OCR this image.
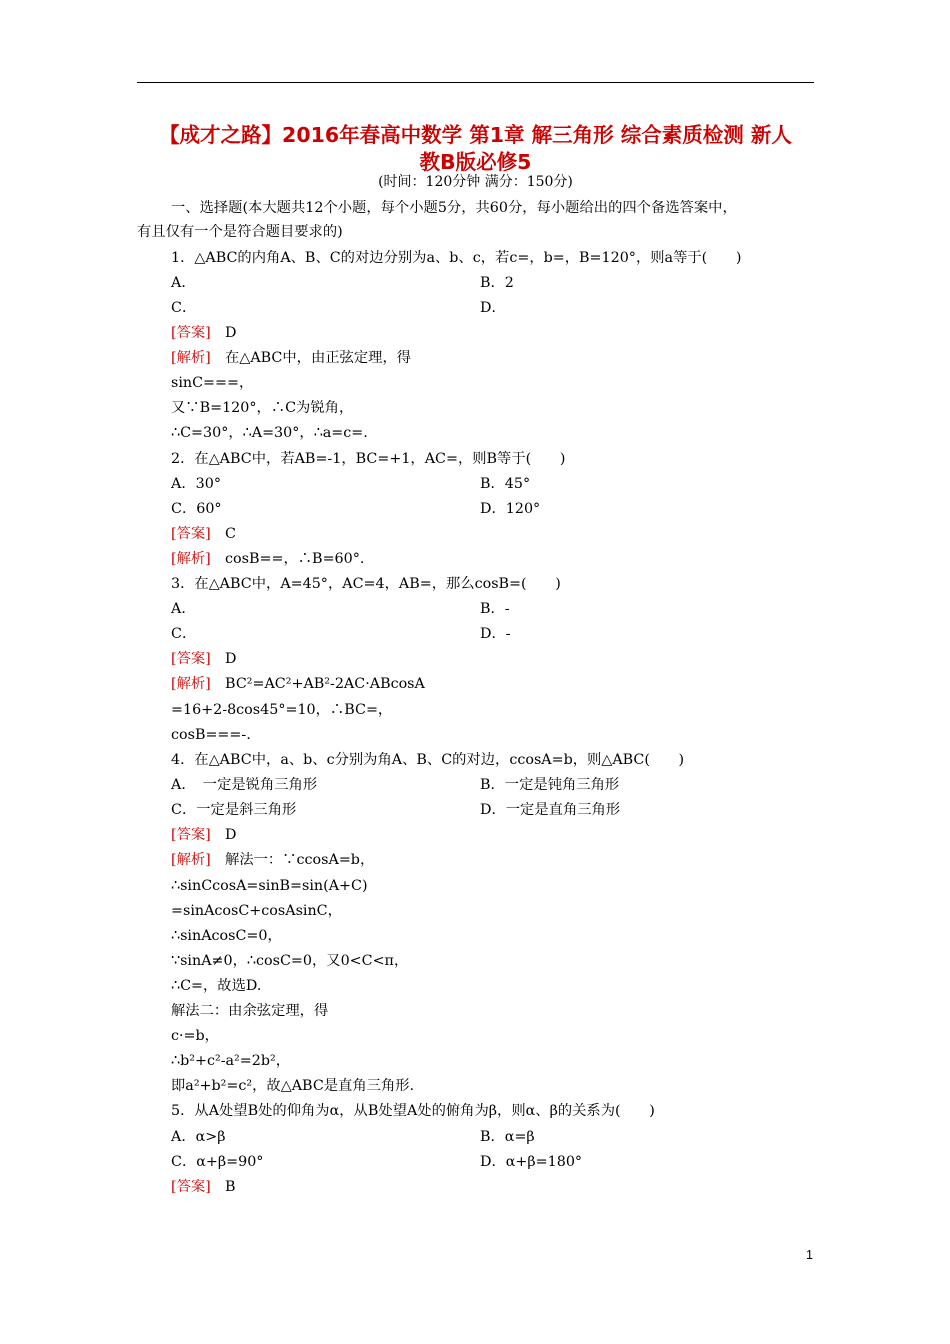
【成才之路】2016年春高中数学 第1章 解三角形 综合素质检测 新人
教B版必修5
(时间：120分钟 满分：150分)
一、选择题(本大题共12个小题，每个小题5分，共60分，每小题给出的四个备选答案中，
有且仅有一个是符合题目要求的)
1．△ABC的内角A、B、C的对边分别为a、b、c，若c=，b=，B=120°，则a等于(　　)
A．	B．2
C．	D．
[答案]　 D
[解析]　 在△ABC中，由正弦定理，得
sinC===，
又∵B=120°，∴C为锐角，
∴C=30°，∴A=30°，∴a=c=.
2．在△ABC中，若AB=-1，BC=+1，AC=，则B等于(　　)
A．30°	B．45°
C．60°	D．120°
[答案]　 C
[解析]　 cosB==，∴B=60°.
3．在△ABC中，A=45°，AC=4，AB=，那么cosB=(　　)
A．	B．-
C．	D．-
[答案]　 D
[解析]　 BC²=AC²+AB²-2AC·ABcosA
=16+2-8cos45°=10，∴BC=，
cosB===-.
4．在△ABC中，a、b、c分别为角A、B、C的对边，ccosA=b，则△ABC(　　)
A．　一定是锐角三角形	B．一定是钝角三角形
C．一定是斜三角形	D．一定是直角三角形
[答案]　 D
[解析]　 解法一：∵ccosA=b，
∴sinCcosA=sinB=sin(A+C)
=sinAcosC+cosAsinC，
∴sinAcosC=0，
∵sinA≠0，∴cosC=0，又0<C<π，
∴C=，故选D.
解法二：由余弦定理，得
c·=b，
∴b²+c²-a²=2b²，
即a²+b²=c²，故△ABC是直角三角形.
5．从A处望B处的仰角为α，从B处望A处的俯角为β，则α、β的关系为(　　)
A．α>β	B．α=β
C．α+β=90°	D．α+β=180°
[答案]　 B
1
